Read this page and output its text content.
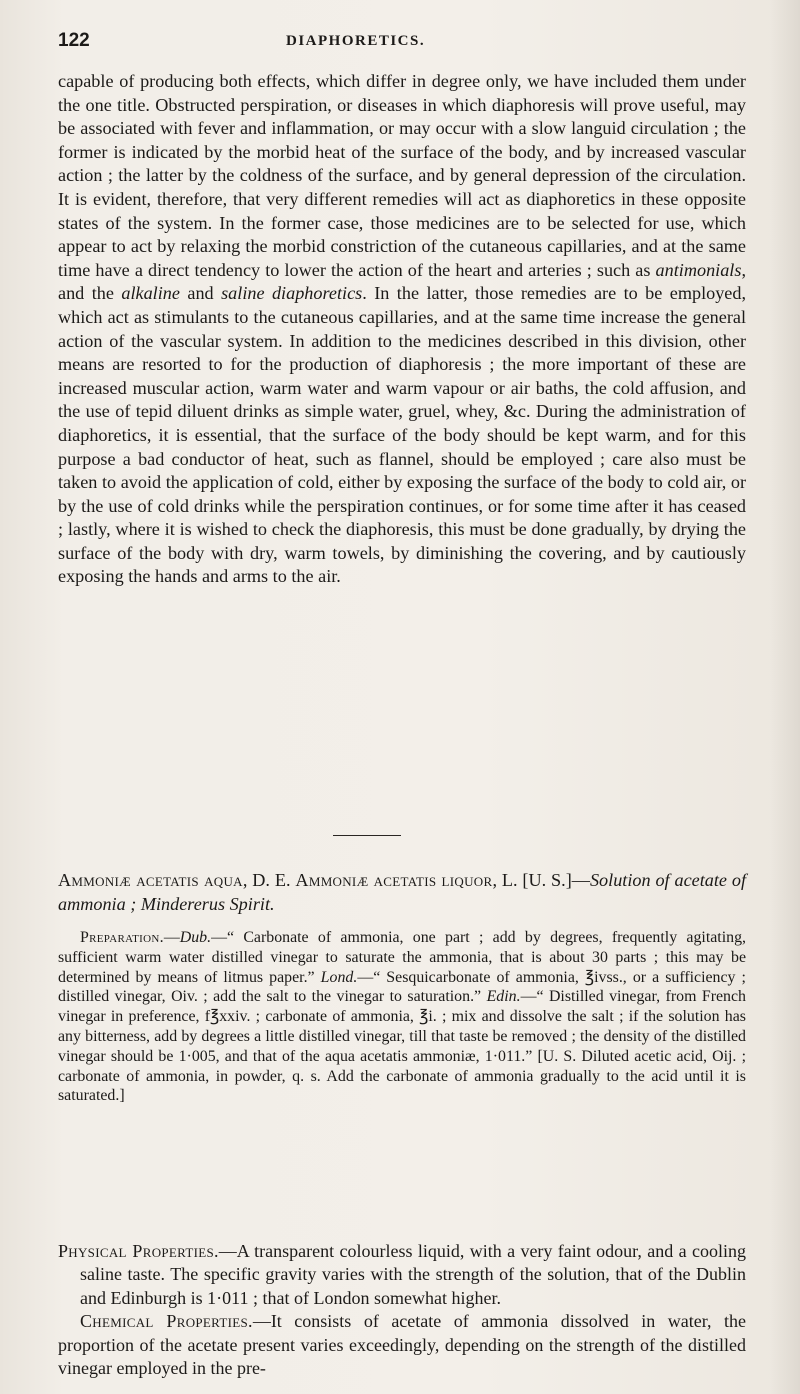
122	DIAPHORETICS.

capable of producing both effects, which differ in degree only, we have included them under the one title. Obstructed perspiration, or diseases in which diaphoresis will prove useful, may be associated with fever and inflammation, or may occur with a slow languid circulation ; the former is indicated by the morbid heat of the surface of the body, and by increased vascular action ; the latter by the coldness of the surface, and by general depression of the circulation. It is evident, therefore, that very different remedies will act as diaphoretics in these opposite states of the system. In the former case, those medicines are to be selected for use, which appear to act by relaxing the morbid constriction of the cutaneous capillaries, and at the same time have a direct tendency to lower the action of the heart and arteries ; such as antimonials, and the alkaline and saline diaphoretics. In the latter, those remedies are to be employed, which act as stimulants to the cutaneous capillaries, and at the same time increase the general action of the vascular system. In addition to the medicines described in this division, other means are resorted to for the production of diaphoresis ; the more important of these are increased muscular action, warm water and warm vapour or air baths, the cold affusion, and the use of tepid diluent drinks as simple water, gruel, whey, &c. During the administration of diaphoretics, it is essential, that the surface of the body should be kept warm, and for this purpose a bad conductor of heat, such as flannel, should be employed ; care also must be taken to avoid the application of cold, either by exposing the surface of the body to cold air, or by the use of cold drinks while the perspiration continues, or for some time after it has ceased ; lastly, where it is wished to check the diaphoresis, this must be done gradually, by drying the surface of the body with dry, warm towels, by diminishing the covering, and by cautiously exposing the hands and arms to the air.

Ammoniæ acetatis aqua, D. E. Ammoniæ acetatis liquor, L. [U. S.]—Solution of acetate of ammonia ; Mindererus Spirit.

Preparation.—Dub.—“ Carbonate of ammonia, one part ; add by degrees, frequently agitating, sufficient warm water distilled vinegar to saturate the ammonia, that is about 30 parts ; this may be determined by means of litmus paper.” Lond.—“ Sesquicarbonate of ammonia, ℥ivss., or a sufficiency ; distilled vinegar, Oiv. ; add the salt to the vinegar to saturation.” Edin.—“ Distilled vinegar, from French vinegar in preference, f℥xxiv. ; carbonate of ammonia, ℥i. ; mix and dissolve the salt ; if the solution has any bitterness, add by degrees a little distilled vinegar, till that taste be removed ; the density of the distilled vinegar should be 1·005, and that of the aqua acetatis ammoniæ, 1·011.” [U. S. Diluted acetic acid, Oij. ; carbonate of ammonia, in powder, q. s. Add the carbonate of ammonia gradually to the acid until it is saturated.]

Physical Properties.—A transparent colourless liquid, with a very faint odour, and a cooling saline taste. The specific gravity varies with the strength of the solution, that of the Dublin and Edinburgh is 1·011 ; that of London somewhat higher.

Chemical Properties.—It consists of acetate of ammonia dissolved in water, the proportion of the acetate present varies exceedingly, depending on the strength of the distilled vinegar employed in the pre-
